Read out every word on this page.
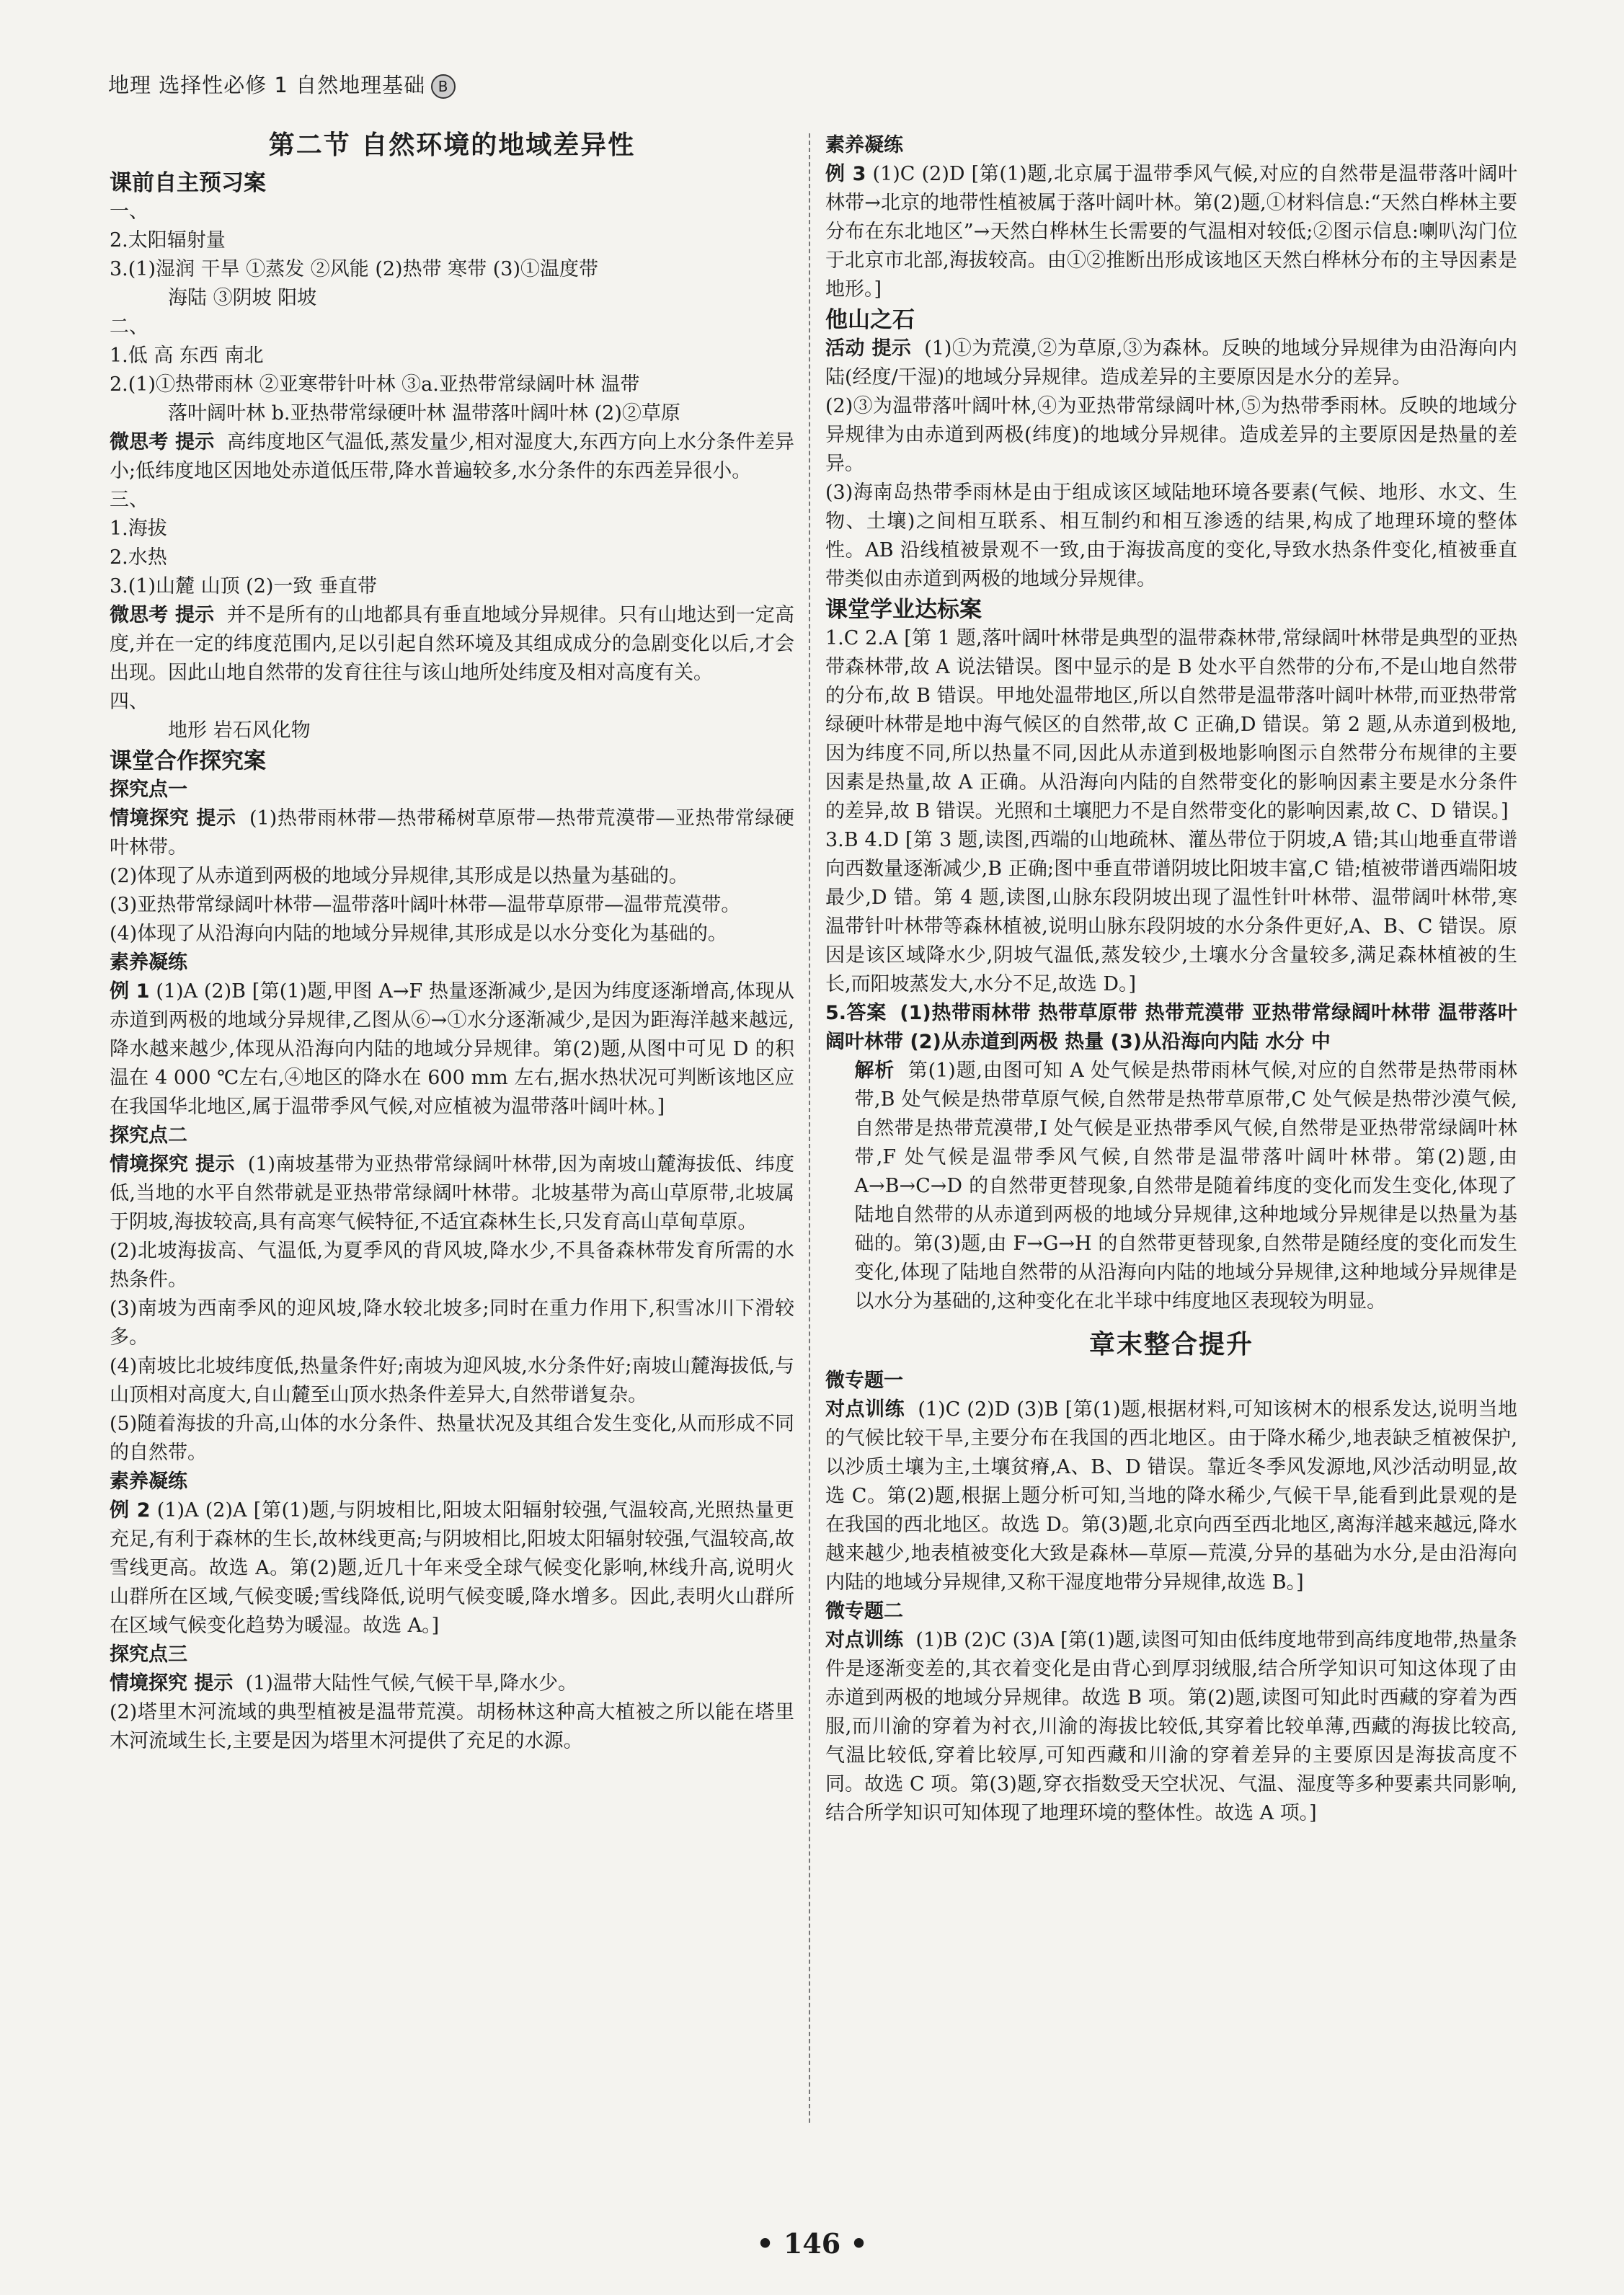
地理 选择性必修 1 自然地理基础 B
第二节 自然环境的地域差异性
课前自主预习案

一、

2.太阳辐射量

3.(1)湿润 干旱 ①蒸发 ②风能 (2)热带 寒带 (3)①温度带

海陆 ③阴坡 阳坡

二、

1.低 高 东西 南北

2.(1)①热带雨林 ②亚寒带针叶林 ③a.亚热带常绿阔叶林 温带

落叶阔叶林 b.亚热带常绿硬叶林 温带落叶阔叶林 (2)②草原

微思考 提示 高纬度地区气温低,蒸发量少,相对湿度大,东西方向上水分条件差异小;低纬度地区因地处赤道低压带,降水普遍较多,水分条件的东西差异很小。

三、

1.海拔

2.水热

3.(1)山麓 山顶 (2)一致 垂直带

微思考 提示 并不是所有的山地都具有垂直地域分异规律。只有山地达到一定高度,并在一定的纬度范围内,足以引起自然环境及其组成成分的急剧变化以后,才会出现。因此山地自然带的发育往往与该山地所处纬度及相对高度有关。

四、

地形 岩石风化物

课堂合作探究案

探究点一

情境探究 提示 (1)热带雨林带—热带稀树草原带—热带荒漠带—亚热带常绿硬叶林带。

(2)体现了从赤道到两极的地域分异规律,其形成是以热量为基础的。

(3)亚热带常绿阔叶林带—温带落叶阔叶林带—温带草原带—温带荒漠带。

(4)体现了从沿海向内陆的地域分异规律,其形成是以水分变化为基础的。

素养凝练

例 1 (1)A (2)B [第(1)题,甲图 A→F 热量逐渐减少,是因为纬度逐渐增高,体现从赤道到两极的地域分异规律,乙图从⑥→①水分逐渐减少,是因为距海洋越来越远,降水越来越少,体现从沿海向内陆的地域分异规律。第(2)题,从图中可见 D 的积温在 4 000 ℃左右,④地区的降水在 600 mm 左右,据水热状况可判断该地区应在我国华北地区,属于温带季风气候,对应植被为温带落叶阔叶林。]

探究点二

情境探究 提示 (1)南坡基带为亚热带常绿阔叶林带,因为南坡山麓海拔低、纬度低,当地的水平自然带就是亚热带常绿阔叶林带。北坡基带为高山草原带,北坡属于阴坡,海拔较高,具有高寒气候特征,不适宜森林生长,只发育高山草甸草原。

(2)北坡海拔高、气温低,为夏季风的背风坡,降水少,不具备森林带发育所需的水热条件。

(3)南坡为西南季风的迎风坡,降水较北坡多;同时在重力作用下,积雪冰川下滑较多。

(4)南坡比北坡纬度低,热量条件好;南坡为迎风坡,水分条件好;南坡山麓海拔低,与山顶相对高度大,自山麓至山顶水热条件差异大,自然带谱复杂。

(5)随着海拔的升高,山体的水分条件、热量状况及其组合发生变化,从而形成不同的自然带。

素养凝练

例 2 (1)A (2)A [第(1)题,与阴坡相比,阳坡太阳辐射较强,气温较高,光照热量更充足,有利于森林的生长,故林线更高;与阴坡相比,阳坡太阳辐射较强,气温较高,故雪线更高。故选 A。第(2)题,近几十年来受全球气候变化影响,林线升高,说明火山群所在区域,气候变暖;雪线降低,说明气候变暖,降水增多。因此,表明火山群所在区域气候变化趋势为暖湿。故选 A。]

探究点三

情境探究 提示 (1)温带大陆性气候,气候干旱,降水少。

(2)塔里木河流域的典型植被是温带荒漠。胡杨林这种高大植被之所以能在塔里木河流域生长,主要是因为塔里木河提供了充足的水源。

素养凝练

例 3 (1)C (2)D [第(1)题,北京属于温带季风气候,对应的自然带是温带落叶阔叶林带→北京的地带性植被属于落叶阔叶林。第(2)题,①材料信息:“天然白桦林主要分布在东北地区”→天然白桦林生长需要的气温相对较低;②图示信息:喇叭沟门位于北京市北部,海拔较高。由①②推断出形成该地区天然白桦林分布的主导因素是地形。]

他山之石

活动 提示 (1)①为荒漠,②为草原,③为森林。反映的地域分异规律为由沿海向内陆(经度/干湿)的地域分异规律。造成差异的主要原因是水分的差异。

(2)③为温带落叶阔叶林,④为亚热带常绿阔叶林,⑤为热带季雨林。反映的地域分异规律为由赤道到两极(纬度)的地域分异规律。造成差异的主要原因是热量的差异。

(3)海南岛热带季雨林是由于组成该区域陆地环境各要素(气候、地形、水文、生物、土壤)之间相互联系、相互制约和相互渗透的结果,构成了地理环境的整体性。AB 沿线植被景观不一致,由于海拔高度的变化,导致水热条件变化,植被垂直带类似由赤道到两极的地域分异规律。

课堂学业达标案

1.C 2.A [第 1 题,落叶阔叶林带是典型的温带森林带,常绿阔叶林带是典型的亚热带森林带,故 A 说法错误。图中显示的是 B 处水平自然带的分布,不是山地自然带的分布,故 B 错误。甲地处温带地区,所以自然带是温带落叶阔叶林带,而亚热带常绿硬叶林带是地中海气候区的自然带,故 C 正确,D 错误。第 2 题,从赤道到极地,因为纬度不同,所以热量不同,因此从赤道到极地影响图示自然带分布规律的主要因素是热量,故 A 正确。从沿海向内陆的自然带变化的影响因素主要是水分条件的差异,故 B 错误。光照和土壤肥力不是自然带变化的影响因素,故 C、D 错误。]

3.B 4.D [第 3 题,读图,西端的山地疏林、灌丛带位于阴坡,A 错;其山地垂直带谱向西数量逐渐减少,B 正确;图中垂直带谱阴坡比阳坡丰富,C 错;植被带谱西端阳坡最少,D 错。第 4 题,读图,山脉东段阴坡出现了温性针叶林带、温带阔叶林带,寒温带针叶林带等森林植被,说明山脉东段阴坡的水分条件更好,A、B、C 错误。原因是该区域降水少,阴坡气温低,蒸发较少,土壤水分含量较多,满足森林植被的生长,而阳坡蒸发大,水分不足,故选 D。]

5.答案 (1)热带雨林带 热带草原带 热带荒漠带 亚热带常绿阔叶林带 温带落叶阔叶林带 (2)从赤道到两极 热量 (3)从沿海向内陆 水分 中

解析 第(1)题,由图可知 A 处气候是热带雨林气候,对应的自然带是热带雨林带,B 处气候是热带草原气候,自然带是热带草原带,C 处气候是热带沙漠气候,自然带是热带荒漠带,I 处气候是亚热带季风气候,自然带是亚热带常绿阔叶林带,F 处气候是温带季风气候,自然带是温带落叶阔叶林带。第(2)题,由 A→B→C→D 的自然带更替现象,自然带是随着纬度的变化而发生变化,体现了陆地自然带的从赤道到两极的地域分异规律,这种地域分异规律是以热量为基础的。第(3)题,由 F→G→H 的自然带更替现象,自然带是随经度的变化而发生变化,体现了陆地自然带的从沿海向内陆的地域分异规律,这种地域分异规律是以水分为基础的,这种变化在北半球中纬度地区表现较为明显。

章末整合提升

微专题一

对点训练 (1)C (2)D (3)B [第(1)题,根据材料,可知该树木的根系发达,说明当地的气候比较干旱,主要分布在我国的西北地区。由于降水稀少,地表缺乏植被保护,以沙质土壤为主,土壤贫瘠,A、B、D 错误。靠近冬季风发源地,风沙活动明显,故选 C。第(2)题,根据上题分析可知,当地的降水稀少,气候干旱,能看到此景观的是在我国的西北地区。故选 D。第(3)题,北京向西至西北地区,离海洋越来越远,降水越来越少,地表植被变化大致是森林—草原—荒漠,分异的基础为水分,是由沿海向内陆的地域分异规律,又称干湿度地带分异规律,故选 B。]

微专题二

对点训练 (1)B (2)C (3)A [第(1)题,读图可知由低纬度地带到高纬度地带,热量条件是逐渐变差的,其衣着变化是由背心到厚羽绒服,结合所学知识可知这体现了由赤道到两极的地域分异规律。故选 B 项。第(2)题,读图可知此时西藏的穿着为西服,而川渝的穿着为衬衣,川渝的海拔比较低,其穿着比较单薄,西藏的海拔比较高,气温比较低,穿着比较厚,可知西藏和川渝的穿着差异的主要原因是海拔高度不同。故选 C 项。第(3)题,穿衣指数受天空状况、气温、湿度等多种要素共同影响,结合所学知识可知体现了地理环境的整体性。故选 A 项。]

• 146 •
